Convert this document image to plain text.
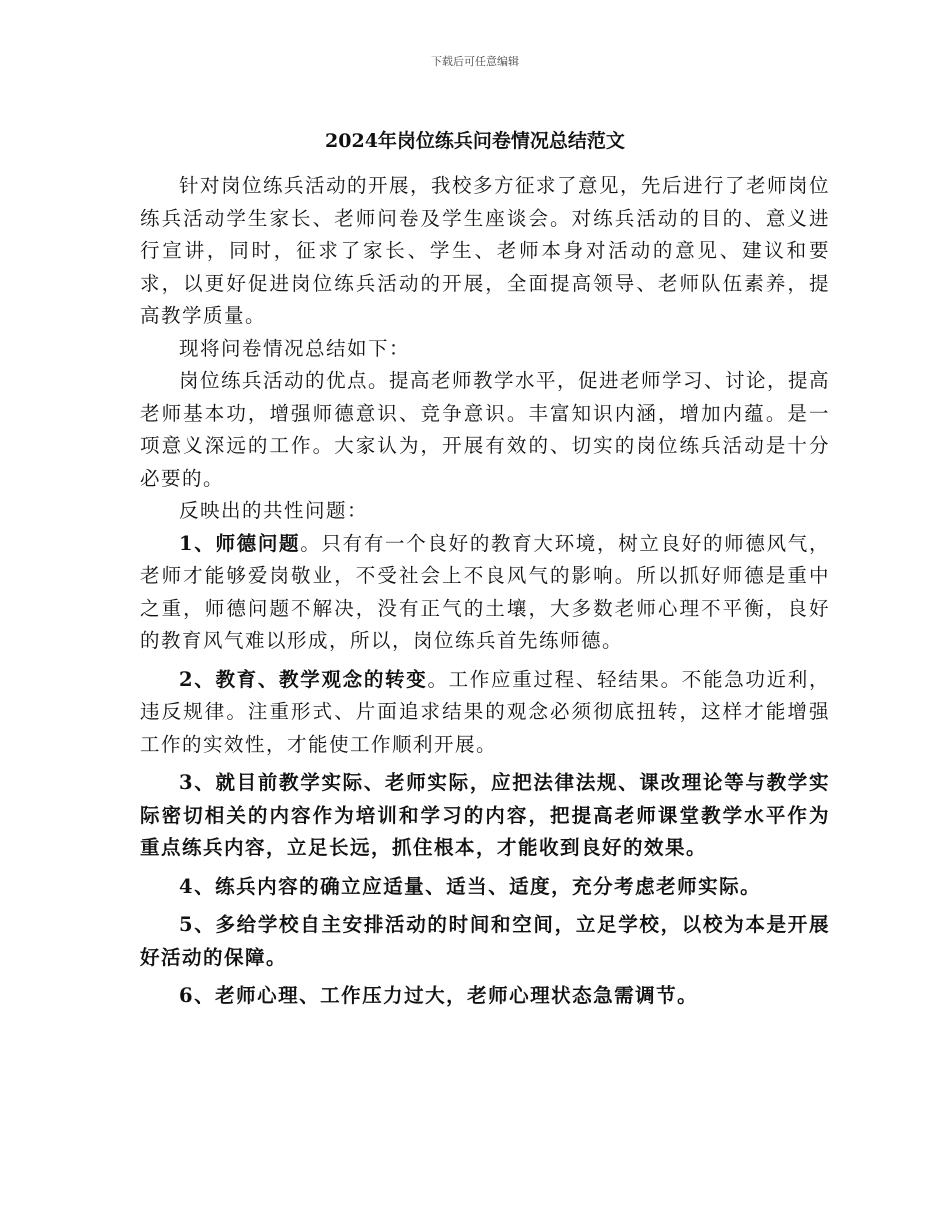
下载后可任意编辑
2024年岗位练兵问卷情况总结范文

针对岗位练兵活动的开展，我校多方征求了意见，先后进行了老师岗位练兵活动学生家长、老师问卷及学生座谈会。对练兵活动的目的、意义进行宣讲，同时，征求了家长、学生、老师本身对活动的意见、建议和要求，以更好促进岗位练兵活动的开展，全面提高领导、老师队伍素养，提高教学质量。

现将问卷情况总结如下：

岗位练兵活动的优点。提高老师教学水平，促进老师学习、讨论，提高老师基本功，增强师德意识、竞争意识。丰富知识内涵，增加内蕴。是一项意义深远的工作。大家认为，开展有效的、切实的岗位练兵活动是十分必要的。

反映出的共性问题：

1、师德问题。只有有一个良好的教育大环境，树立良好的师德风气，老师才能够爱岗敬业，不受社会上不良风气的影响。所以抓好师德是重中之重，师德问题不解决，没有正气的土壤，大多数老师心理不平衡，良好的教育风气难以形成，所以，岗位练兵首先练师德。

2、教育、教学观念的转变。工作应重过程、轻结果。不能急功近利，违反规律。注重形式、片面追求结果的观念必须彻底扭转，这样才能增强工作的实效性，才能使工作顺利开展。

3、就目前教学实际、老师实际，应把法律法规、课改理论等与教学实际密切相关的内容作为培训和学习的内容，把提高老师课堂教学水平作为重点练兵内容，立足长远，抓住根本，才能收到良好的效果。

4、练兵内容的确立应适量、适当、适度，充分考虑老师实际。

5、多给学校自主安排活动的时间和空间，立足学校，以校为本是开展好活动的保障。

6、老师心理、工作压力过大，老师心理状态急需调节。
